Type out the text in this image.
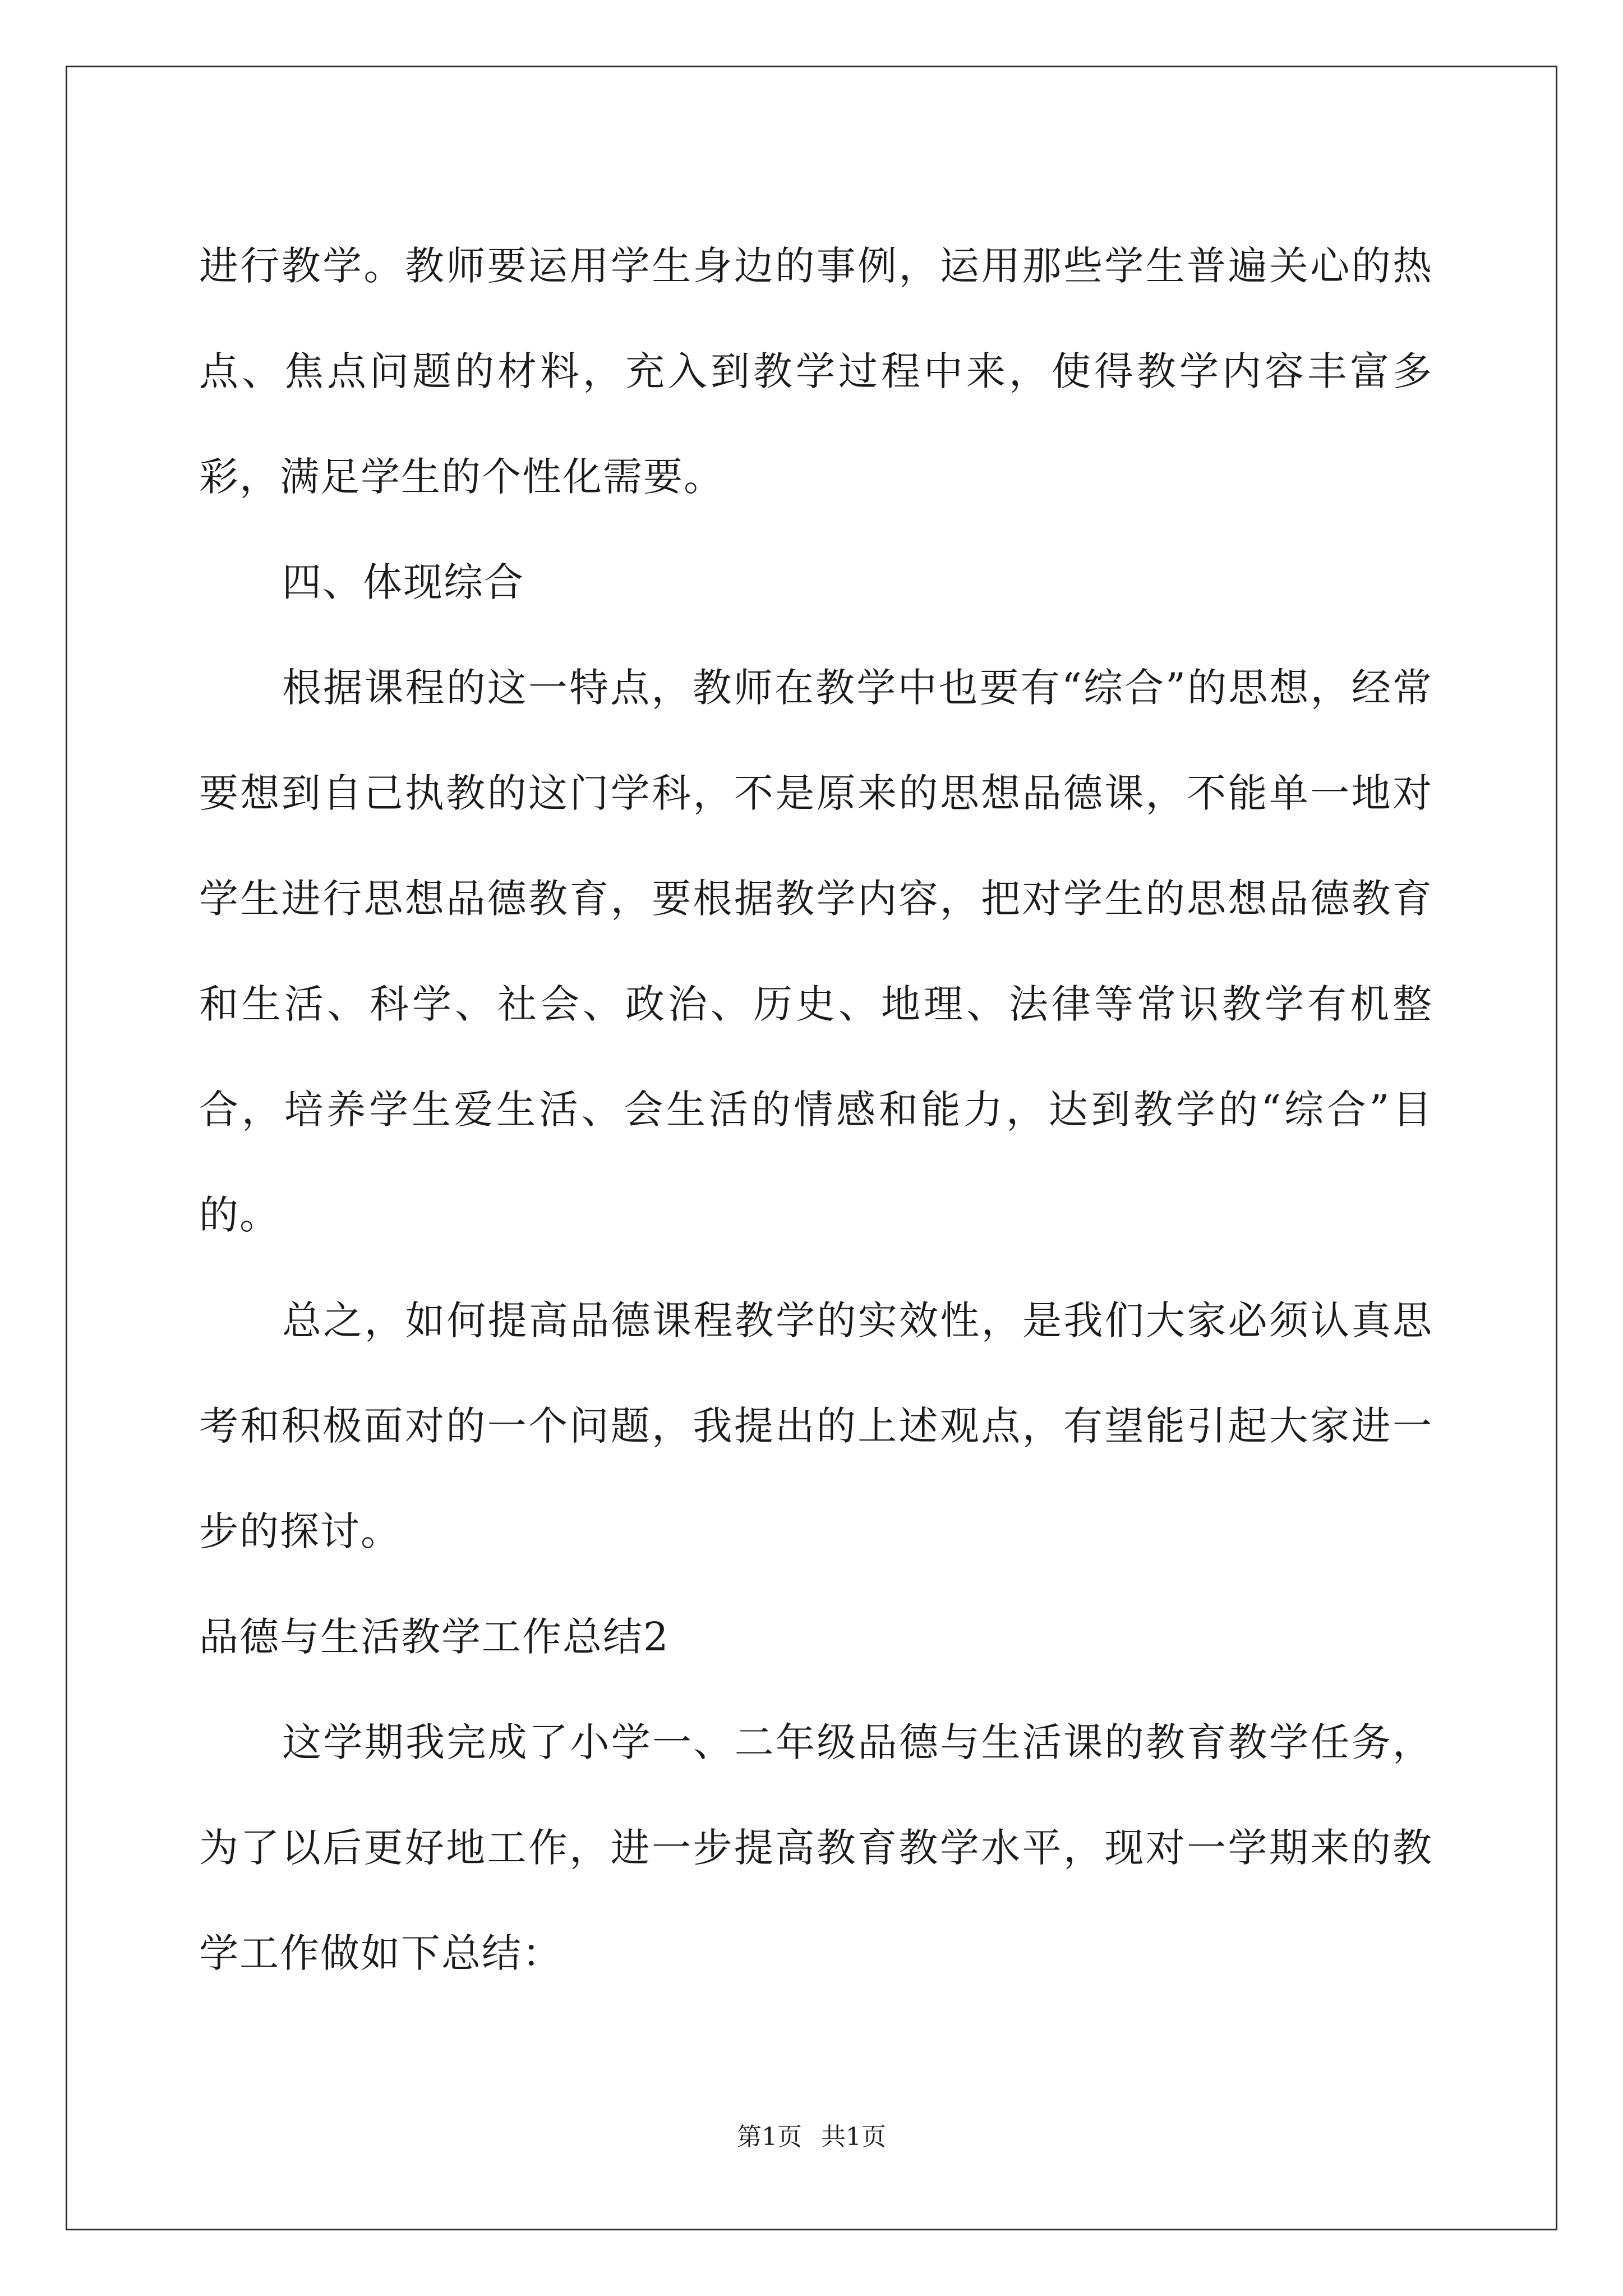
进行教学。教师要运用学生身边的事例，运用那些学生普遍关心的热点、焦点问题的材料，充入到教学过程中来，使得教学内容丰富多彩，满足学生的个性化需要。

四、体现综合

根据课程的这一特点，教师在教学中也要有“综合”的思想，经常要想到自己执教的这门学科，不是原来的思想品德课，不能单一地对学生进行思想品德教育，要根据教学内容，把对学生的思想品德教育和生活、科学、社会、政治、历史、地理、法律等常识教学有机整合，培养学生爱生活、会生活的情感和能力，达到教学的“综合”目的。

总之，如何提高品德课程教学的实效性，是我们大家必须认真思考和积极面对的一个问题，我提出的上述观点，有望能引起大家进一步的探讨。

品德与生活教学工作总结2

这学期我完成了小学一、二年级品德与生活课的教育教学任务，为了以后更好地工作，进一步提高教育教学水平，现对一学期来的教学工作做如下总结：

第1页 共1页
